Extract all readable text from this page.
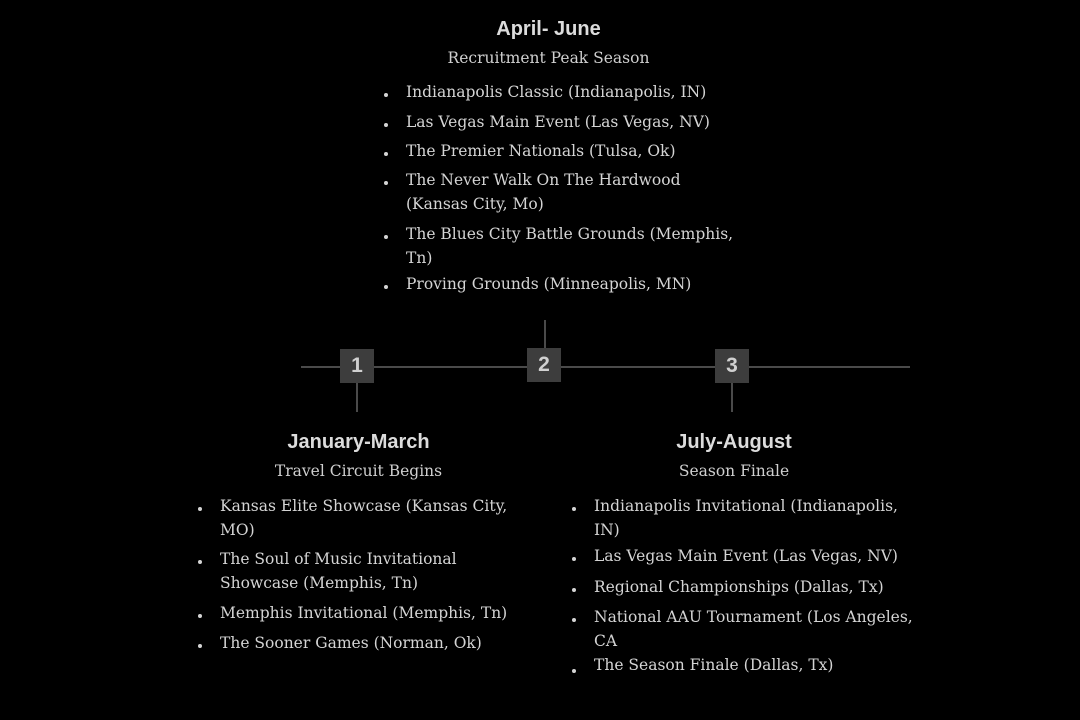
1	2	3
January-March
Travel Circuit Begins
Kansas Elite Showcase (Kansas City, MO)
The Soul of Music Invitational Showcase (Memphis, Tn)
Memphis Invitational (Memphis, Tn)
The Sooner Games (Norman, Ok)
April- June
Recruitment Peak Season
Indianapolis Classic (Indianapolis, IN)
Las Vegas Main Event (Las Vegas, NV)
The Premier Nationals (Tulsa, Ok)
The Never Walk On The Hardwood (Kansas City, Mo)
The Blues City Battle Grounds (Memphis, Tn)
Proving Grounds (Minneapolis, MN)
July-August
Season Finale
Indianapolis Invitational (Indianapolis, IN)
Las Vegas Main Event (Las Vegas, NV)
Regional Championships (Dallas, Tx)
National AAU Tournament (Los Angeles, CA
The Season Finale (Dallas, Tx)
